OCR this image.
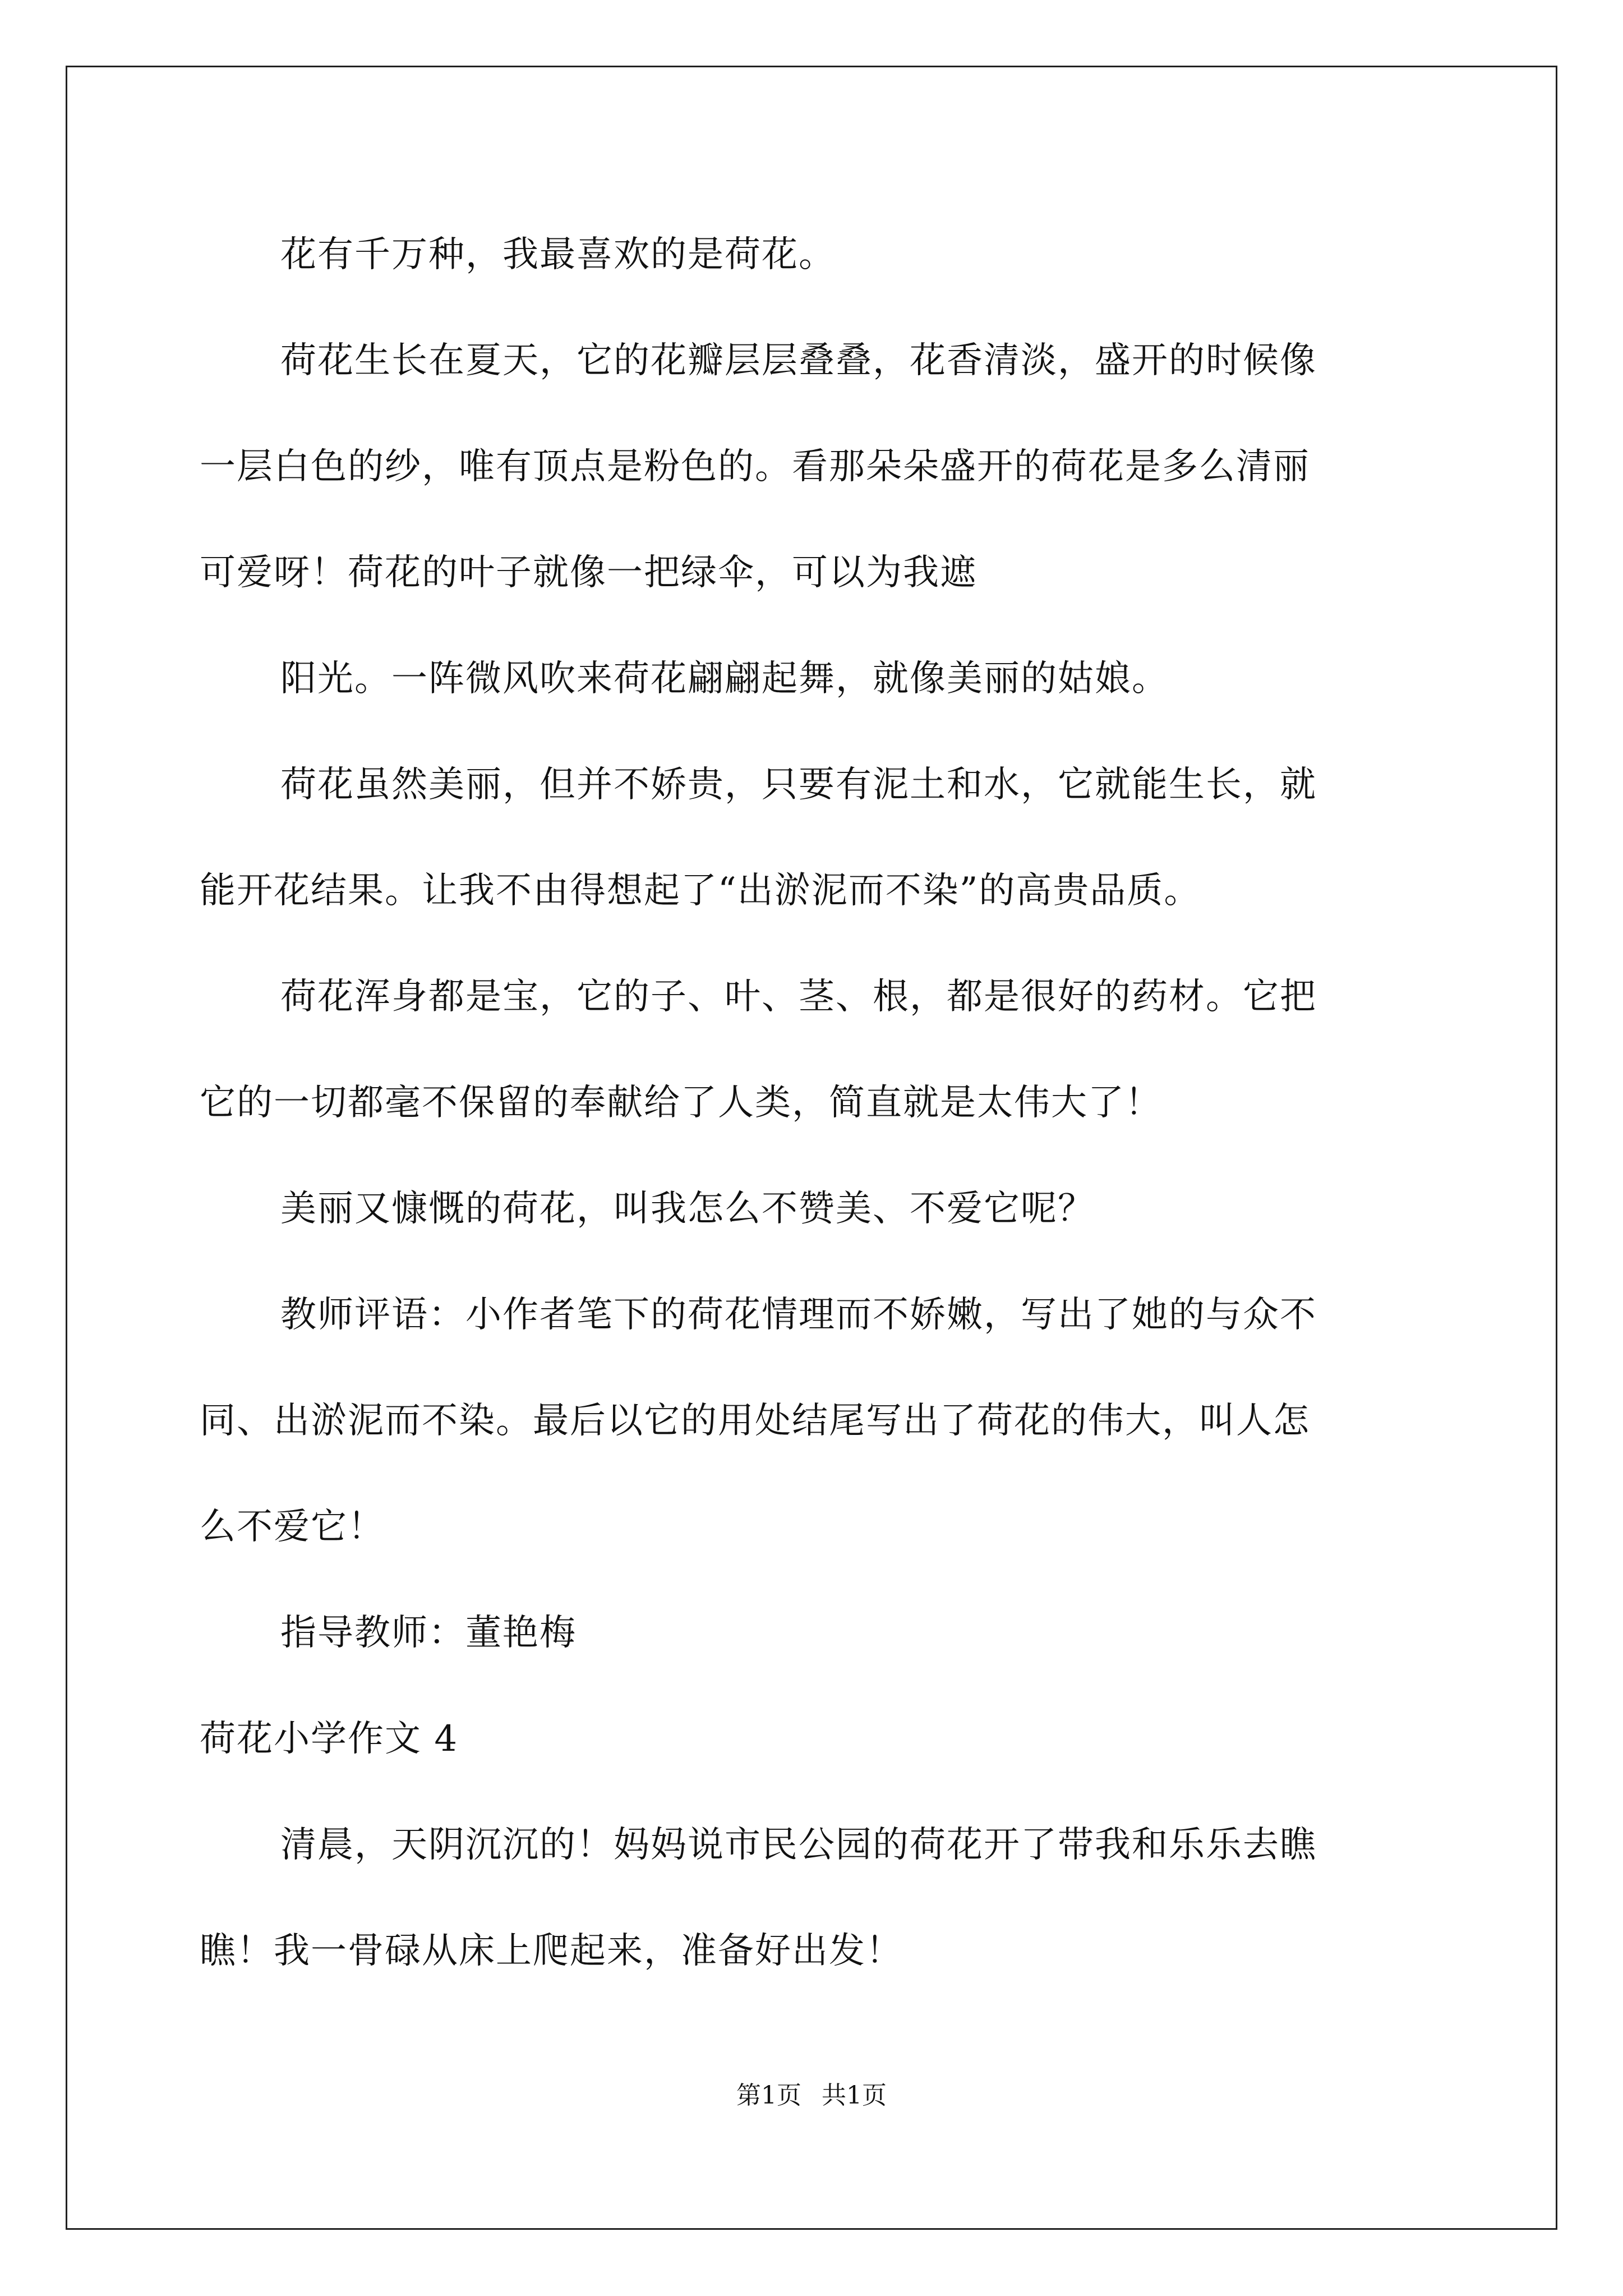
花有千万种，我最喜欢的是荷花。
荷花生长在夏天，它的花瓣层层叠叠，花香清淡，盛开的时候像
一层白色的纱，唯有顶点是粉色的。看那朵朵盛开的荷花是多么清丽
可爱呀！荷花的叶子就像一把绿伞，可以为我遮
阳光。一阵微风吹来荷花翩翩起舞，就像美丽的姑娘。
荷花虽然美丽，但并不娇贵，只要有泥土和水，它就能生长，就
能开花结果。让我不由得想起了“出淤泥而不染”的高贵品质。
荷花浑身都是宝，它的子、叶、茎、根，都是很好的药材。它把
它的一切都毫不保留的奉献给了人类，简直就是太伟大了！
美丽又慷慨的荷花，叫我怎么不赞美、不爱它呢？
教师评语：小作者笔下的荷花情理而不娇嫩，写出了她的与众不
同、出淤泥而不染。最后以它的用处结尾写出了荷花的伟大，叫人怎
么不爱它！
指导教师：董艳梅
荷花小学作文 4
清晨，天阴沉沉的！妈妈说市民公园的荷花开了带我和乐乐去瞧
瞧！我一骨碌从床上爬起来，准备好出发！
第1页 共1页
